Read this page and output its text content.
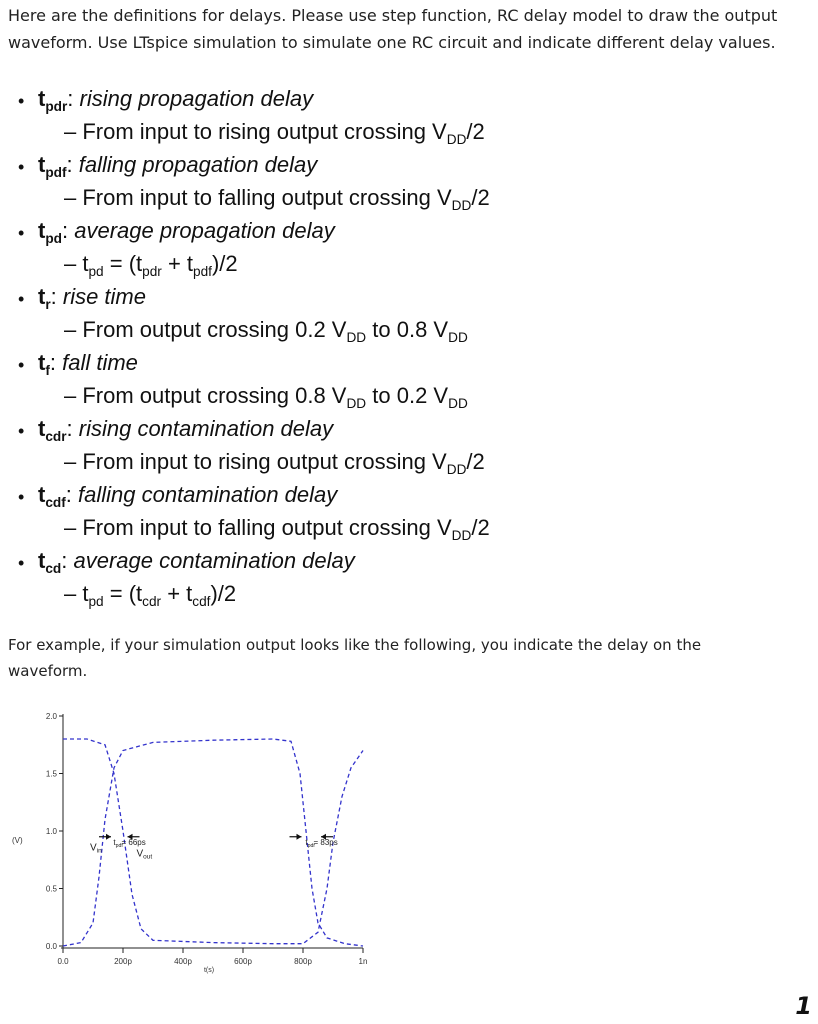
Here are the definitions for delays. Please use step function, RC delay model to draw the output waveform. Use LTspice simulation to simulate one RC circuit and indicate different delay values.
• $t_{pdr}$: rising propagation delay
– From input to rising output crossing $V_{DD}/2$
• $t_{pdf}$: falling propagation delay
– From input to falling output crossing $V_{DD}/2$
• $t_{pd}$: average propagation delay
– $t_{pd} = (t_{pdr} + t_{pdf})/2$
• $t_r$: rise time
– From output crossing 0.2 $V_{DD}$ to 0.8 $V_{DD}$
• $t_f$: fall time
– From output crossing 0.8 $V_{DD}$ to 0.2 $V_{DD}$
• $t_{cdr}$: rising contamination delay
– From input to rising output crossing $V_{DD}/2$
• $t_{cdf}$: falling contamination delay
– From input to falling output crossing $V_{DD}/2$
• $t_{cd}$: average contamination delay
– $t_{pd} = (t_{cdr} + t_{cdf})/2$
For example, if your simulation output looks like the following, you indicate the delay on the waveform.
0.0
0.5
1.0
1.5
2.0
0.0	200p	400p	600p	800p	1n
(V)
t(s)
$V_{in}$	$V_{out}$
$t_{pdf}$
= 66ps	$t_{pdr}$
= 83ps
1
